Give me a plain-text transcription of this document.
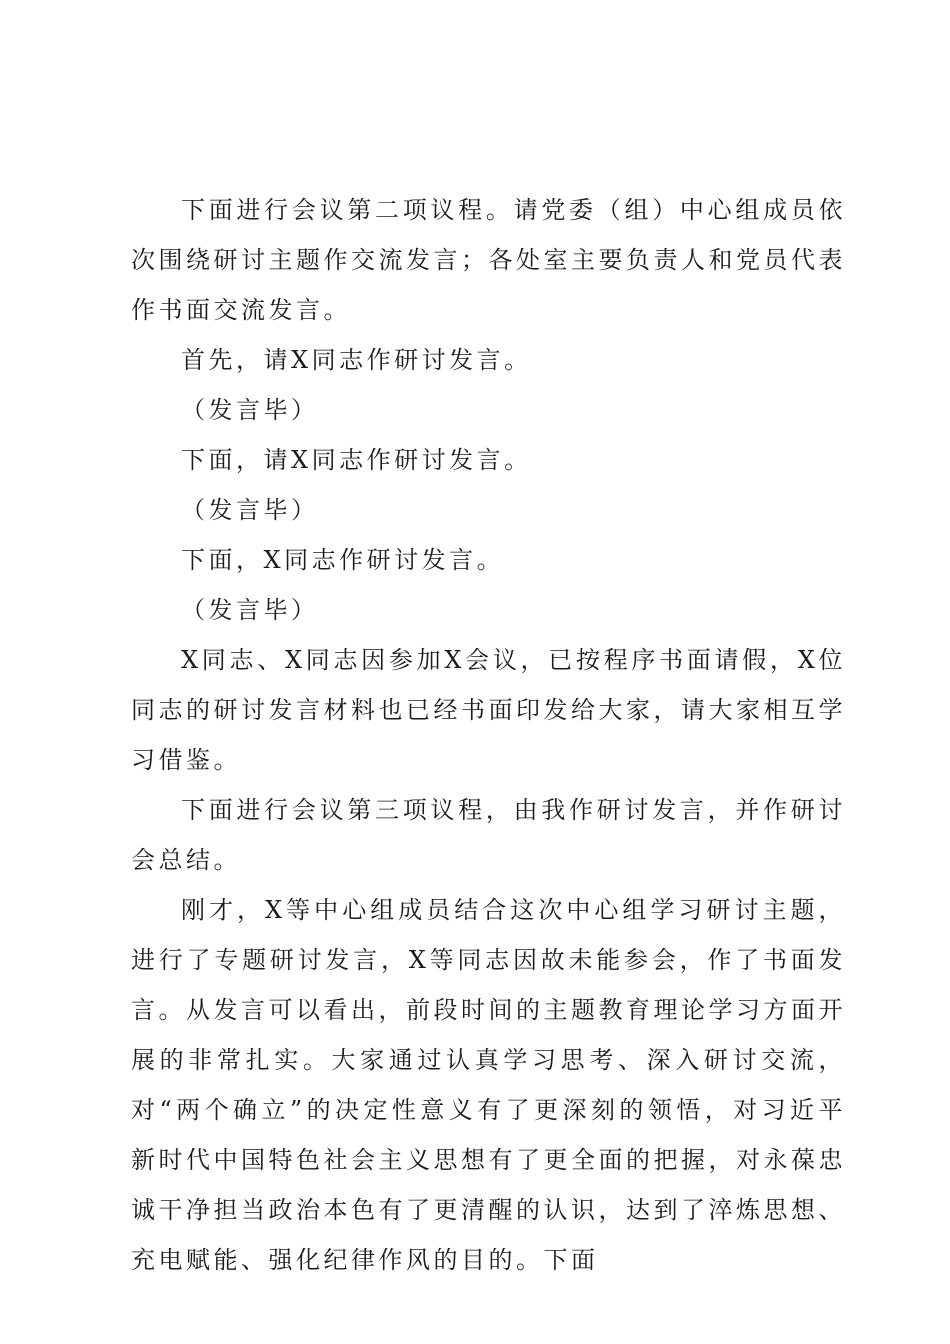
下面进行会议第二项议程。请党委（组）中心组成员依次围绕研讨主题作交流发言；各处室主要负责人和党员代表作书面交流发言。

首先，请X同志作研讨发言。

（发言毕）

下面，请X同志作研讨发言。

（发言毕）

下面，X同志作研讨发言。

（发言毕）

X同志、X同志因参加X会议，已按程序书面请假，X位同志的研讨发言材料也已经书面印发给大家，请大家相互学习借鉴。

下面进行会议第三项议程，由我作研讨发言，并作研讨会总结。

刚才，X等中心组成员结合这次中心组学习研讨主题，进行了专题研讨发言，X等同志因故未能参会，作了书面发言。从发言可以看出，前段时间的主题教育理论学习方面开展的非常扎实。大家通过认真学习思考、深入研讨交流，对“两个确立”的决定性意义有了更深刻的领悟，对习近平新时代中国特色社会主义思想有了更全面的把握，对永葆忠诚干净担当政治本色有了更清醒的认识，达到了淬炼思想、充电赋能、强化纪律作风的目的。下面
